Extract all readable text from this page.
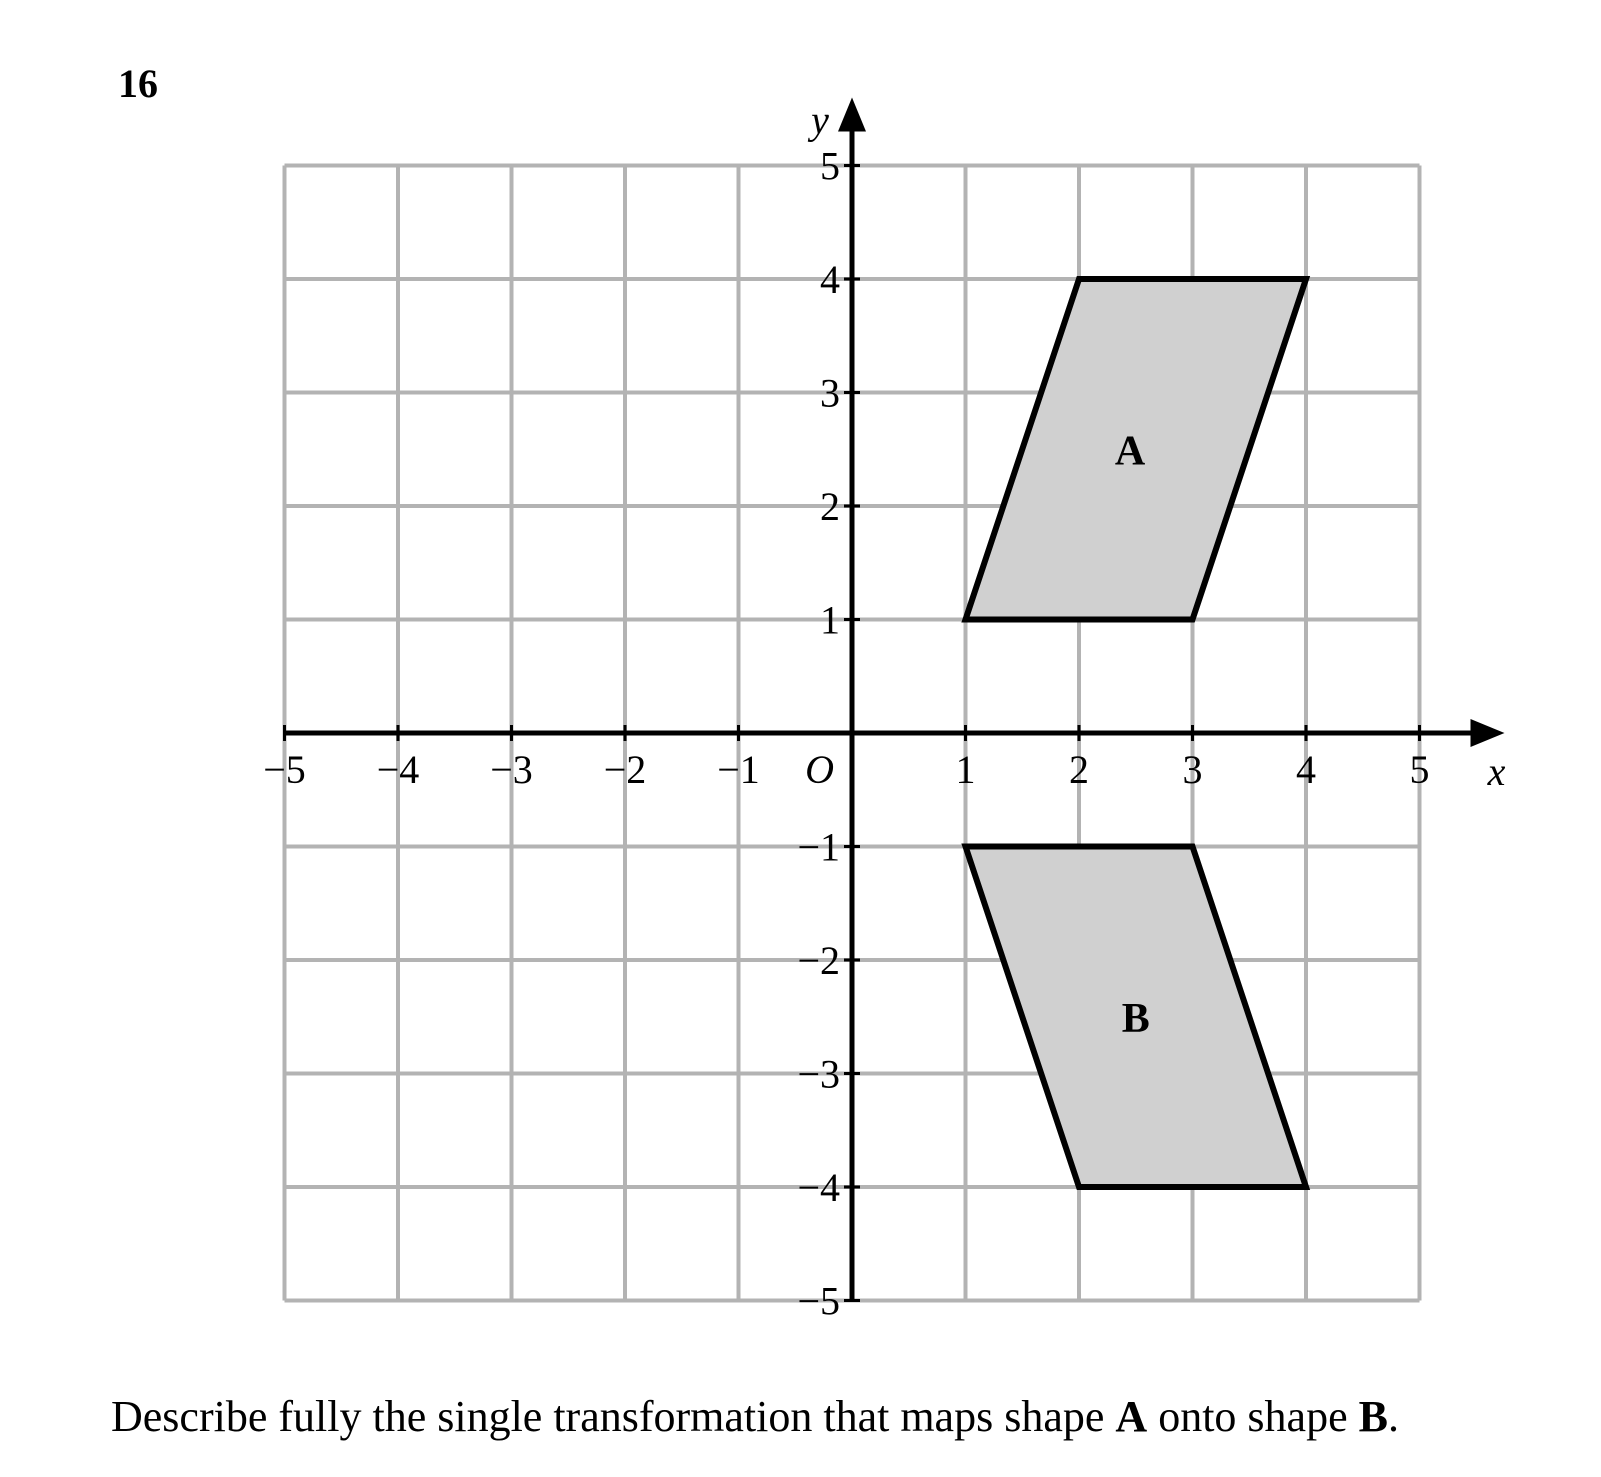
16
A
B
−5 −4 −3 −2 −1	1 2 3 4 5
5
4
3
2
1
−1
−2
−3
−4
−5
O	x
y
Describe fully the single transformation that maps shape A onto shape B.
